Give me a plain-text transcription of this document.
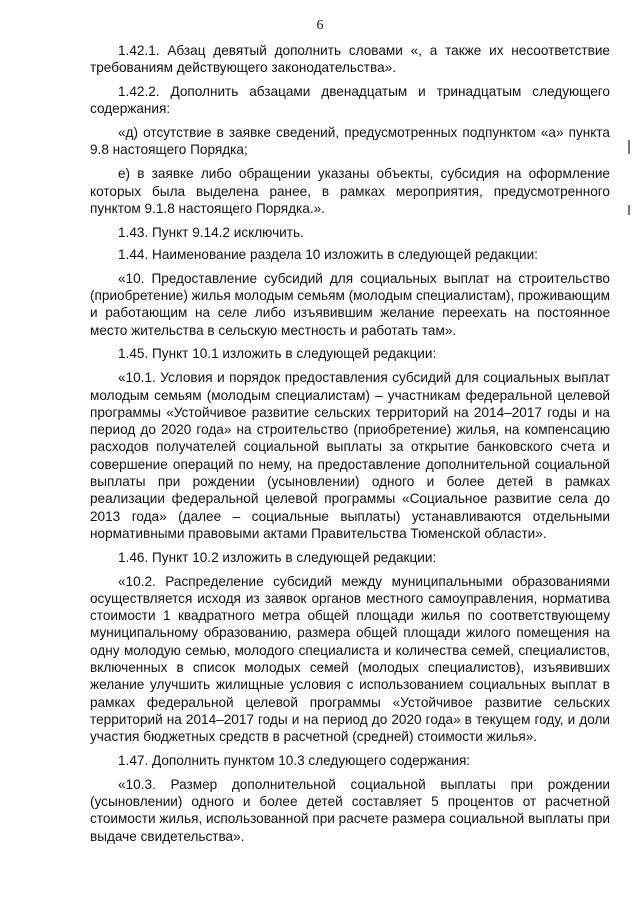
6

1.42.1. Абзац девятый дополнить словами «, а также их несоответствие требованиям действующего законодательства».

1.42.2. Дополнить абзацами двенадцатым и тринадцатым следующего содержания:

«д) отсутствие в заявке сведений, предусмотренных подпунктом «а» пункта 9.8 настоящего Порядка;

е) в заявке либо обращении указаны объекты, субсидия на оформление которых была выделена ранее, в рамках мероприятия, предусмотренного пунктом 9.1.8 настоящего Порядка.».

1.43. Пункт 9.14.2 исключить.

1.44. Наименование раздела 10 изложить в следующей редакции:

«10. Предоставление субсидий для социальных выплат на строительство (приобретение) жилья молодым семьям (молодым специалистам), проживающим и работающим на селе либо изъявившим желание переехать на постоянное место жительства в сельскую местность и работать там».

1.45. Пункт 10.1 изложить в следующей редакции:

«10.1. Условия и порядок предоставления субсидий для социальных выплат молодым семьям (молодым специалистам) – участникам федеральной целевой программы «Устойчивое развитие сельских территорий на 2014–2017 годы и на период до 2020 года» на строительство (приобретение) жилья, на компенсацию расходов получателей социальной выплаты за открытие банковского счета и совершение операций по нему, на предоставление дополнительной социальной выплаты при рождении (усыновлении) одного и более детей в рамках реализации федеральной целевой программы «Социальное развитие села до 2013 года» (далее – социальные выплаты) устанавливаются отдельными нормативными правовыми актами Правительства Тюменской области».

1.46. Пункт 10.2 изложить в следующей редакции:

«10.2. Распределение субсидий между муниципальными образованиями осуществляется исходя из заявок органов местного самоуправления, норматива стоимости 1 квадратного метра общей площади жилья по соответствующему муниципальному образованию, размера общей площади жилого помещения на одну молодую семью, молодого специалиста и количества семей, специалистов, включенных в список молодых семей (молодых специалистов), изъявивших желание улучшить жилищные условия с использованием социальных выплат в рамках федеральной целевой программы «Устойчивое развитие сельских территорий на 2014–2017 годы и на период до 2020 года» в текущем году, и доли участия бюджетных средств в расчетной (средней) стоимости жилья».

1.47. Дополнить пунктом 10.3 следующего содержания:

«10.3. Размер дополнительной социальной выплаты при рождении (усыновлении) одного и более детей составляет 5 процентов от расчетной стоимости жилья, использованной при расчете размера социальной выплаты при выдаче свидетельства».
